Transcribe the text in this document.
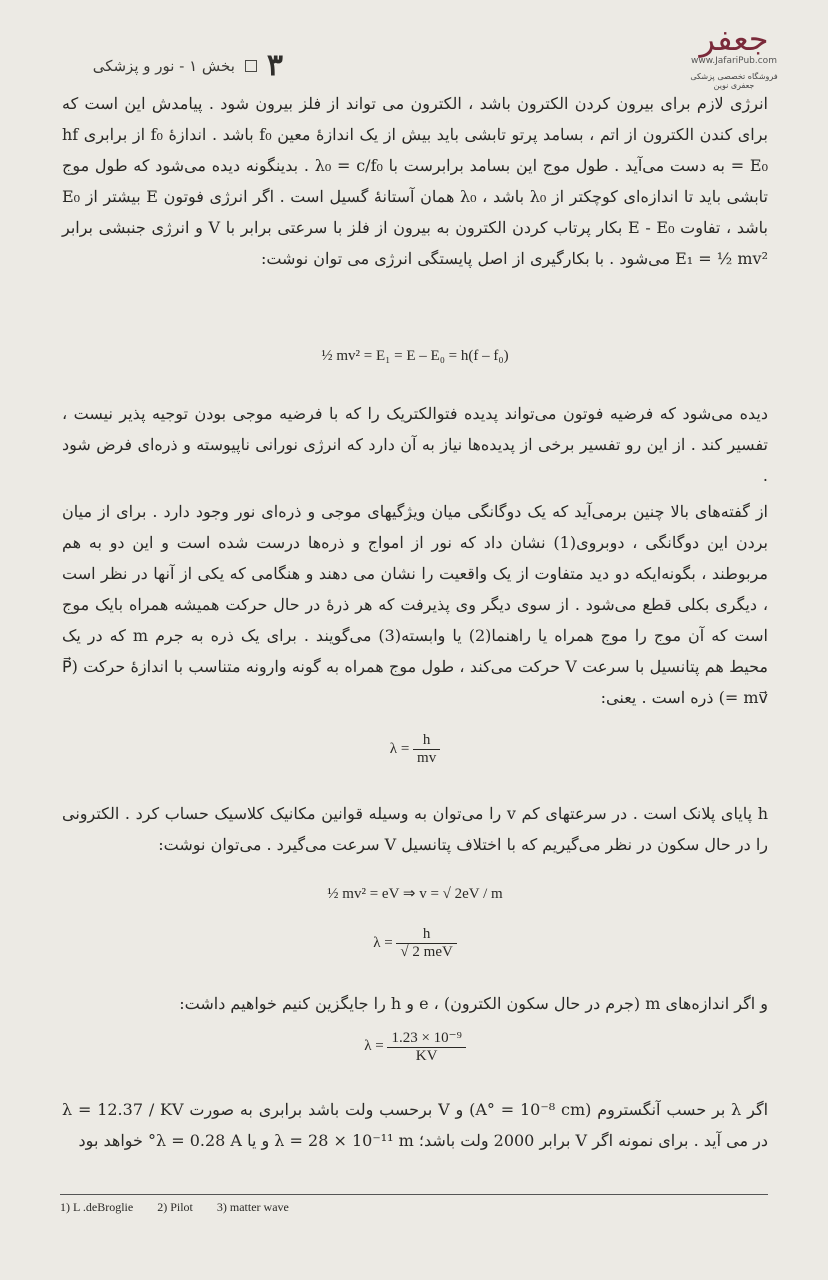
بخش ۱ - نور و پزشکی ٣
جعفر
www.JafariPub.com
فروشگاه تخصصی پزشکی جعفری نوین

انرژی لازم برای بیرون کردن الکترون باشد ، الکترون می تواند از فلز بیرون شود . پیامدش این است که برای کندن الکترون از اتم ، بسامد پرتو تابشی باید بیش از یک اندازهٔ معین f₀ باشد . اندازهٔ f₀ از برابری hf = E₀ به دست می‌آید . طول موج این بسامد برابرست با λ₀ = c/f₀ . بدینگونه دیده می‌شود که طول موج تابشی باید تا اندازه‌ای کوچکتر از λ₀ باشد ، λ₀ همان آستانهٔ گسیل است . اگر انرژی فوتون E بیشتر از E₀ باشد ، تفاوت E - E₀ بکار پرتاب کردن الکترون به بیرون از فلز با سرعتی برابر با V و انرژی جنبشی برابر E₁ = ½ mv² می‌شود . با بکارگیری از اصل پایستگی انرژی می توان نوشت:

½ mv² = E₁ = E – E₀ = h(f – f₀)

دیده می‌شود که فرضیه فوتون می‌تواند پدیده فتوالکتریک را که با فرضیه موجی بودن توجیه پذیر نیست ، تفسیر کند . از این رو تفسیر برخی از پدیده‌ها نیاز به آن دارد که انرژی نورانی ناپیوسته و ذره‌ای فرض شود .

از گفته‌های بالا چنین برمی‌آید که یک دوگانگی میان ویژگیهای موجی و ذره‌ای نور وجود دارد . برای از میان بردن این دوگانگی ، دوبروی(1) نشان داد که نور از امواج و ذره‌ها درست شده است و این دو به هم مربوطند ، بگونه‌ایکه دو دید متفاوت از یک واقعیت را نشان می دهند و هنگامی که یکی از آنها در نظر است ، دیگری بکلی قطع می‌شود . از سوی دیگر وی پذیرفت که هر ذرهٔ در حال حرکت همیشه همراه بایک موج است که آن موج را موج همراه یا راهنما(2) یا وابسته(3) می‌گویند . برای یک ذره به جرم m که در یک محیط هم پتانسیل با سرعت V حرکت می‌کند ، طول موج همراه به گونه وارونه متناسب با اندازهٔ حرکت (P⃗ = mv⃗) ذره است . یعنی:

$\lambda = \frac{h}{mv}$

h پایای پلانک است . در سرعتهای کم v را می‌توان به وسیله قوانین مکانیک کلاسیک حساب کرد . الکترونی را در حال سکون در نظر می‌گیریم که با اختلاف پتانسیل V سرعت می‌گیرد . می‌توان نوشت:

½ mv² = eV ⇒ v = √ 2eV / m
$\lambda = \frac{h}{\text{√ 2 meV}}$

و اگر اندازه‌های m (جرم در حال سکون الکترون) ، e و h را جایگزین کنیم خواهیم داشت:

$\lambda = \frac{\text{1.23 × 10⁻⁹}}{KV}$

اگر λ بر حسب آنگستروم (A° = 10⁻⁸ cm) و V برحسب ولت باشد برابری به صورت λ = 12.37 / KV در می آید . برای نمونه اگر V برابر 2000 ولت باشد؛ λ = 28 × 10⁻¹¹ m و یا λ = 0.28 A° خواهد بود

1) L .deBroglie 2) Pilot 3) matter wave
